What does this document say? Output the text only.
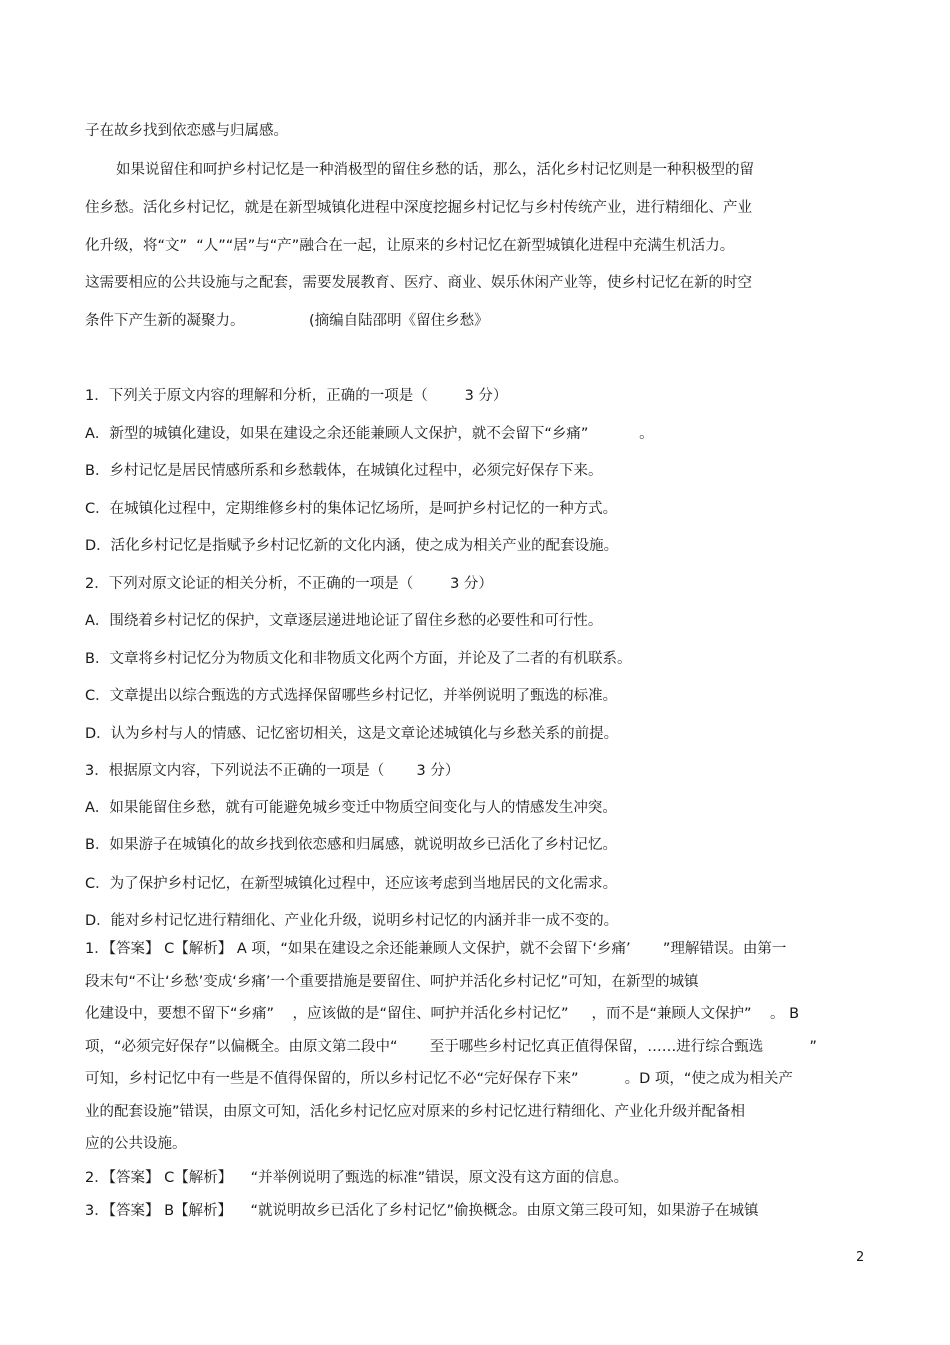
子在故乡找到依恋感与归属感。
如果说留住和呵护乡村记忆是一种消极型的留住乡愁的话，那么，活化乡村记忆则是一种积极型的留
住乡愁。活化乡村记忆，就是在新型城镇化进程中深度挖掘乡村记忆与乡村传统产业，进行精细化、产业
化升级，将“文”  “人”“居”与“产”融合在一起，让原来的乡村记忆在新型城镇化进程中充满生机活力。
这需要相应的公共设施与之配套，需要发展教育、医疗、商业、娱乐休闲产业等，使乡村记忆在新的时空
条件下产生新的凝聚力。              (摘编自陆邵明《留住乡愁》
1．下列关于原文内容的理解和分析，正确的一项是（        3 分）
A．新型的城镇化建设，如果在建设之余还能兼顾人文保护，就不会留下“乡痛”           。
B．乡村记忆是居民情感所系和乡愁载体，在城镇化过程中，必须完好保存下来。
C．在城镇化过程中，定期维修乡村的集体记忆场所，是呵护乡村记忆的一种方式。
D．活化乡村记忆是指赋予乡村记忆新的文化内涵，使之成为相关产业的配套设施。
2．下列对原文论证的相关分析，不正确的一项是（        3 分）
A．围绕着乡村记忆的保护，文章逐层递进地论证了留住乡愁的必要性和可行性。
B．文章将乡村记忆分为物质文化和非物质文化两个方面，并论及了二者的有机联系。
C．文章提出以综合甄选的方式选择保留哪些乡村记忆，并举例说明了甄选的标准。
D．认为乡村与人的情感、记忆密切相关，这是文章论述城镇化与乡愁关系的前提。
3．根据原文内容，下列说法不正确的一项是（       3 分）
A．如果能留住乡愁，就有可能避免城乡变迁中物质空间变化与人的情感发生冲突。
B．如果游子在城镇化的故乡找到依恋感和归属感，就说明故乡已活化了乡村记忆。
C．为了保护乡村记忆，在新型城镇化过程中，还应该考虑到当地居民的文化需求。
D．能对乡村记忆进行精细化、产业化升级，说明乡村记忆的内涵并非一成不变的。
1．【答案】 C【解析】 A 项，“如果在建设之余还能兼顾人文保护，就不会留下‘乡痛’       ”理解错误。由第一
段末句“不让‘乡愁’变成‘乡痛’一个重要措施是要留住、呵护并活化乡村记忆”可知，在新型的城镇
化建设中，要想不留下“乡痛”    ，应该做的是“留住、呵护并活化乡村记忆”     ，而不是“兼顾人文保护”    。 B
项，“必须完好保存”以偏概全。由原文第二段中“       至于哪些乡村记忆真正值得保留，……进行综合甄选          ”
可知，乡村记忆中有一些是不值得保留的，所以乡村记忆不必“完好保存下来”          。D 项，“使之成为相关产
业的配套设施”错误，由原文可知，活化乡村记忆应对原来的乡村记忆进行精细化、产业化升级并配备相
应的公共设施。
2．【答案】 C【解析】    “并举例说明了甄选的标准”错误，原文没有这方面的信息。
3．【答案】 B【解析】    “就说明故乡已活化了乡村记忆”偷换概念。由原文第三段可知，如果游子在城镇
2
